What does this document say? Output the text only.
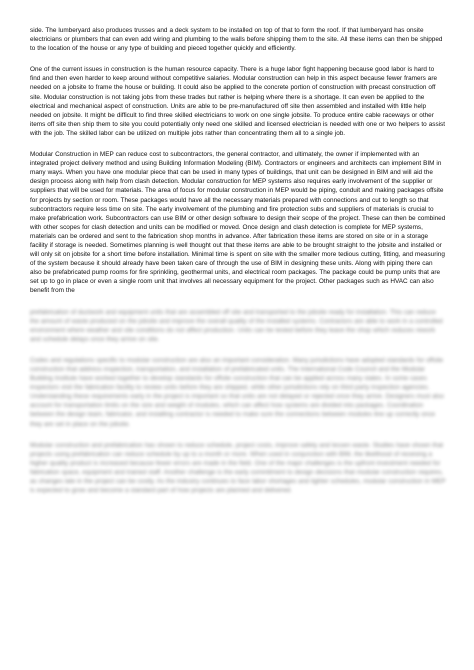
side. The lumberyard also produces trusses and a deck system to be installed on top of that to form the roof. If that lumberyard has onsite electricians or plumbers that can even add wiring and plumbing to the walls before shipping them to the site. All these items can then be shipped to the location of the house or any type of building and pieced together quickly and efficiently.

One of the current issues in construction is the human resource capacity. There is a huge labor fight happening because good labor is hard to find and then even harder to keep around without competitive salaries. Modular construction can help in this aspect because fewer framers are needed on a jobsite to frame the house or building. It could also be applied to the concrete portion of construction with precast construction off site. Modular construction is not taking jobs from these trades but rather is helping where there is a shortage. It can even be applied to the electrical and mechanical aspect of construction. Units are able to be pre-manufactured off site then assembled and installed with little help needed on jobsite. It might be difficult to find three skilled electricians to work on one single jobsite. To produce entire cable raceways or other items off site then ship them to site you could potentially only need one skilled and licensed electrician is needed with one or two helpers to assist with the job. The skilled labor can be utilized on multiple jobs rather than concentrating them all to a single job.

Modular Construction in MEP can reduce cost to subcontractors, the general contractor, and ultimately, the owner if implemented with an integrated project delivery method and using Building Information Modeling (BIM). Contractors or engineers and architects can implement BIM in many ways. When you have one modular piece that can be used in many types of buildings, that unit can be designed in BIM and will aid the design process along with help from clash detection. Modular construction for MEP systems also requires early involvement of the supplier or suppliers that will be used for materials. The area of focus for modular construction in MEP would be piping, conduit and making packages offsite for projects by section or room. These packages would have all the necessary materials prepared with connections and cut to length so that subcontractors require less time on site. The early involvement of the plumbing and fire protection subs and suppliers of materials is crucial to make prefabrication work. Subcontractors can use BIM or other design software to design their scope of the project. These can then be combined with other scopes for clash detection and units can be modified or moved. Once design and clash detection is complete for MEP systems, materials can be ordered and sent to the fabrication shop months in advance. After fabrication these items are stored on site or in a storage facility if storage is needed. Sometimes planning is well thought out that these items are able to be brought straight to the jobsite and installed or will only sit on jobsite for a short time before installation. Minimal time is spent on site with the smaller more tedious cutting, fitting, and measuring of the system because it should already have been taken care of through the use of BIM in designing these units. Along with piping there can also be prefabricated pump rooms for fire sprinkling, geothermal units, and electrical room packages. The package could be pump units that are set up to go in place or even a single room unit that involves all necessary equipment for the project. Other packages such as HVAC can also benefit from the

prefabrication of ductwork and equipment units that are assembled off site and transported to the jobsite ready for installation. This can reduce the amount of waste produced on the jobsite and improve the overall quality of the installed systems. Contractors are able to work in a controlled environment where weather and site conditions do not affect production. Units can be tested before they leave the shop which reduces rework and schedule delays once they arrive on site.

Codes and regulations specific to modular construction are also an important consideration. Many jurisdictions have adopted standards for offsite construction that address inspection, transportation, and installation of prefabricated units. The International Code Council and the Modular Building Institute have worked together to develop standards for offsite construction that can be applied across many states. In some cases inspectors visit the fabrication facility to review units before they are shipped, while other jurisdictions rely on third party inspection agencies. Understanding these requirements early in the project is important so that units are not delayed or rejected once they arrive. Designers must also account for transportation limits on the size and weight of modules, which can affect how systems are divided into packages. Coordination between the design team, fabricator, and installing contractor is needed to make sure the connections between modules line up correctly once they are set in place on the jobsite.

Modular construction and prefabrication has shown to reduce schedule, project costs, improve safety and lessen waste. Studies have shown that projects using prefabrication can reduce schedule by up to a month or more. When used in conjunction with BIM, the likelihood of receiving a higher quality product is increased because fewer errors are made in the field. One of the major challenges is the upfront investment needed for fabrication space, equipment and trained staff. Another challenge is the early commitment to design decisions that modular construction requires, as changes late in the project can be costly. As the industry continues to face labor shortages and tighter schedules, modular construction in MEP is expected to grow and become a standard part of how projects are planned and delivered.
